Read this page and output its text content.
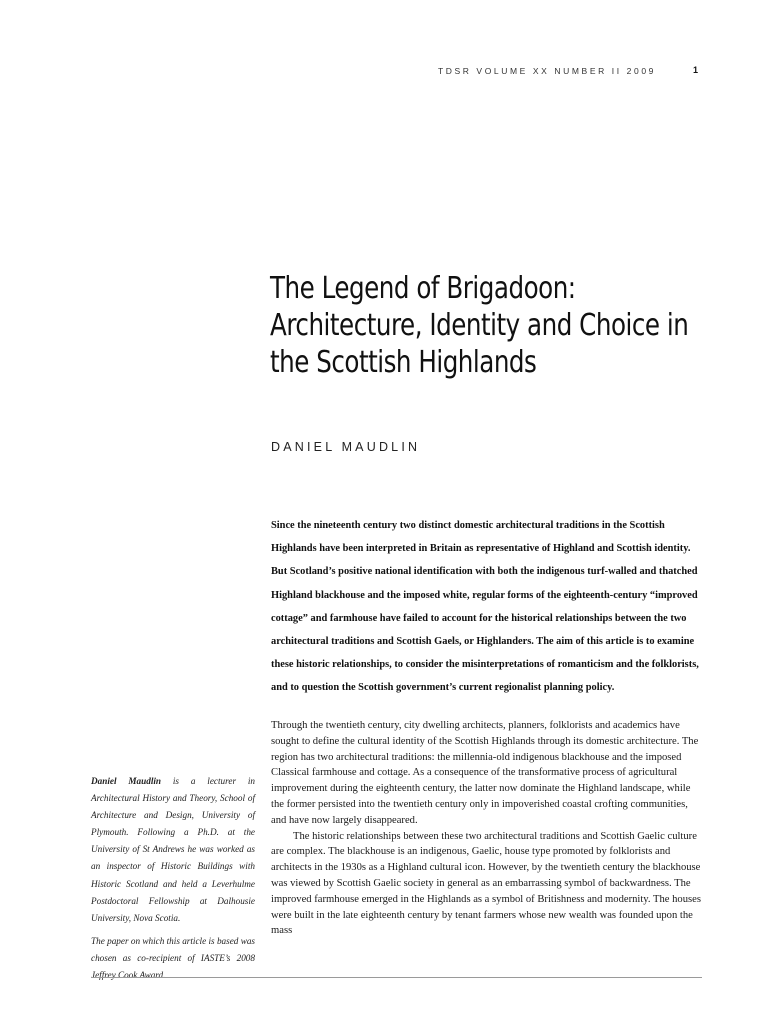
TDSR VOLUME XX NUMBER II 2009	1
The Legend of Brigadoon: Architecture, Identity and Choice in the Scottish Highlands
DANIEL MAUDLIN

Since the nineteenth century two distinct domestic architectural traditions in the Scottish Highlands have been interpreted in Britain as representative of Highland and Scottish identity. But Scotland’s positive national identification with both the indigenous turf-walled and thatched Highland blackhouse and the imposed white, regular forms of the eighteenth-century “improved cottage” and farmhouse have failed to account for the historical relationships between the two architectural traditions and Scottish Gaels, or Highlanders. The aim of this article is to examine these historic relationships, to consider the misinterpretations of romanticism and the folklorists, and to question the Scottish government’s current regionalist planning policy.

Daniel Maudlin is a lecturer in Architectural History and Theory, School of Architecture and Design, University of Plymouth. Following a Ph.D. at the University of St Andrews he was worked as an inspector of Historic Buildings with Historic Scotland and held a Leverhulme Postdoctoral Fellowship at Dalhousie University, Nova Scotia.

The paper on which this article is based was chosen as co-recipient of IASTE’s 2008 Jeffrey Cook Award.

Through the twentieth century, city dwelling architects, planners, folklorists and academics have sought to define the cultural identity of the Scottish Highlands through its domestic architecture. The region has two architectural traditions: the millennia-old indigenous blackhouse and the imposed Classical farmhouse and cottage. As a consequence of the transformative process of agricultural improvement during the eighteenth century, the latter now dominate the Highland landscape, while the former persisted into the twentieth century only in impoverished coastal crofting communities, and have now largely disappeared.

The historic relationships between these two architectural traditions and Scottish Gaelic culture are complex. The blackhouse is an indigenous, Gaelic, house type promoted by folklorists and architects in the 1930s as a Highland cultural icon. However, by the twentieth century the blackhouse was viewed by Scottish Gaelic society in general as an embarrassing symbol of backwardness. The improved farmhouse emerged in the Highlands as a symbol of Britishness and modernity. The houses were built in the late eighteenth century by tenant farmers whose new wealth was founded upon the mass
